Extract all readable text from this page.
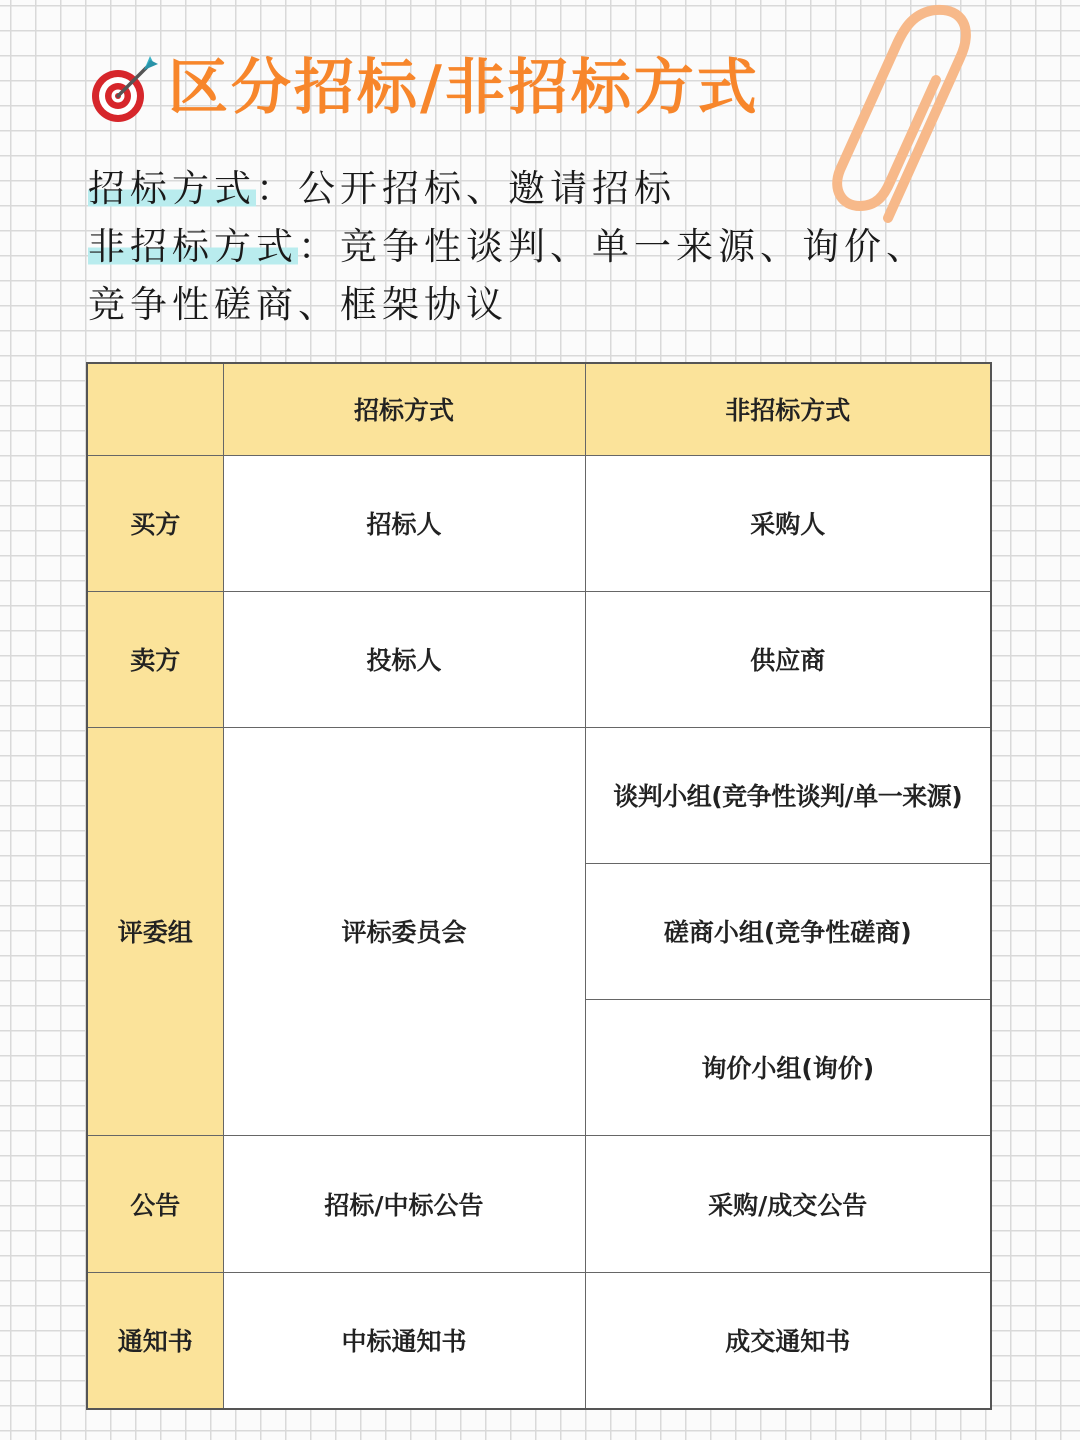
区分招标/非招标方式
招标方式：公开招标、邀请招标
非招标方式：竞争性谈判、单一来源、询价、
竞争性磋商、框架协议
	招标方式	非招标方式
买方	招标人	采购人
卖方	投标人	供应商
评委组	评标委员会	谈判小组(竞争性谈判/单一来源)
		磋商小组(竞争性磋商)
		询价小组(询价)
公告	招标/中标公告	采购/成交公告
通知书	中标通知书	成交通知书
